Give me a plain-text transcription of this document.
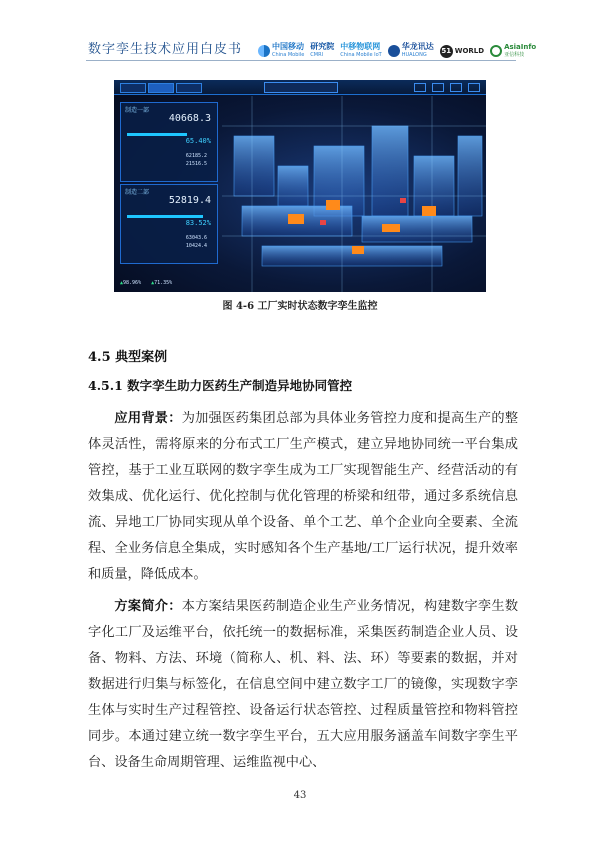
数字孪生技术应用白皮书	中国移动
China Mobile
研究院
CMRI
中移物联网
China Mobile IoT
华龙讯达
HUALONG	51 WORLD	AsiaInfo
亚信科技
制造一部
40668.3
65.40%
62185.2
21516.5
制造二部
52819.4
83.52%
63043.6
10424.4
▲ 98.96%
▲	71.35%
图 4-6 工厂实时状态数字孪生监控
4.5 典型案例
4.5.1 数字孪生助力医药生产制造异地协同管控

应用背景：为加强医药集团总部为具体业务管控力度和提高生产的整体灵活性，需将原来的分布式工厂生产模式，建立异地协同统一平台集成管控，基于工业互联网的数字孪生成为工厂实现智能生产、经营活动的有效集成、优化运行、优化控制与优化管理的桥梁和纽带，通过多系统信息流、异地工厂协同实现从单个设备、单个工艺、单个企业向全要素、全流程、全业务信息全集成，实时感知各个生产基地/工厂运行状况，提升效率和质量，降低成本。

方案简介：本方案结果医药制造企业生产业务情况，构建数字孪生数字化工厂及运维平台，依托统一的数据标准，采集医药制造企业人员、设备、物料、方法、环境（简称人、机、料、法、环）等要素的数据，并对数据进行归集与标签化，在信息空间中建立数字工厂的镜像，实现数字孪生体与实时生产过程管控、设备运行状态管控、过程质量管控和物料管控同步。本通过建立统一数字孪生平台，五大应用服务涵盖车间数字孪生平台、设备生命周期管理、运维监视中心、

43
